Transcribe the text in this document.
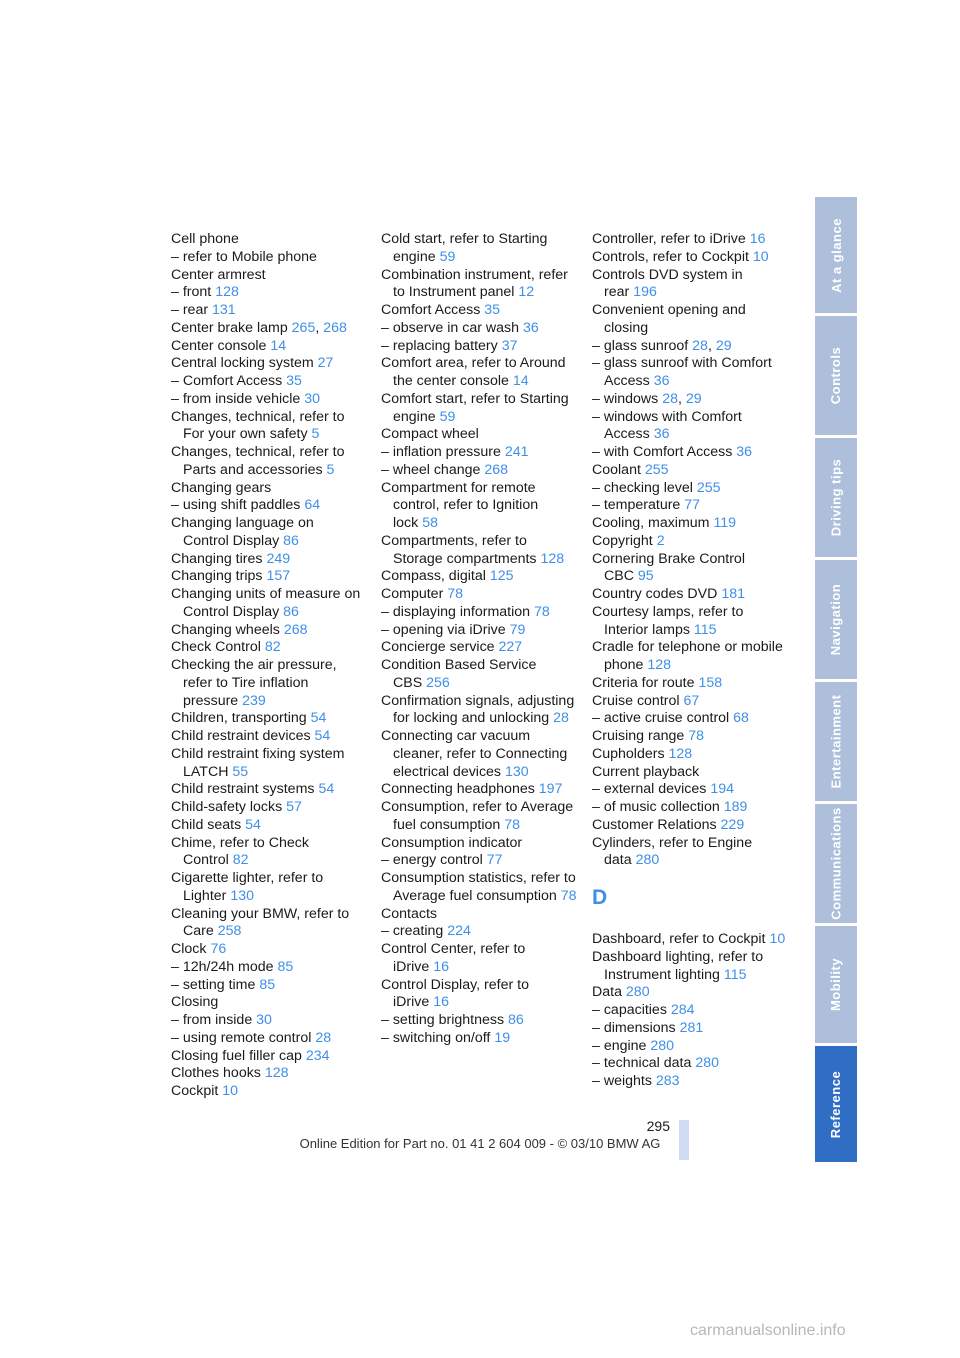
Cell phone
– refer to Mobile phone
Center armrest
– front 128
– rear 131
Center brake lamp 265, 268
Center console 14
Central locking system 27
– Comfort Access 35
– from inside vehicle 30
Changes, technical, refer to For your own safety 5
Changes, technical, refer to Parts and accessories 5
Changing gears
– using shift paddles 64
Changing language on Control Display 86
Changing tires 249
Changing trips 157
Changing units of measure on Control Display 86
Changing wheels 268
Check Control 82
Checking the air pressure, refer to Tire inflation pressure 239
Children, transporting 54
Child restraint devices 54
Child restraint fixing system LATCH 55
Child restraint systems 54
Child-safety locks 57
Child seats 54
Chime, refer to Check Control 82
Cigarette lighter, refer to Lighter 130
Cleaning your BMW, refer to Care 258
Clock 76
– 12h/24h mode 85
– setting time 85
Closing
– from inside 30
– using remote control 28
Closing fuel filler cap 234
Clothes hooks 128
Cockpit 10
Cold start, refer to Starting engine 59
Combination instrument, refer to Instrument panel 12
Comfort Access 35
– observe in car wash 36
– replacing battery 37
Comfort area, refer to Around the center console 14
Comfort start, refer to Starting engine 59
Compact wheel
– inflation pressure 241
– wheel change 268
Compartment for remote control, refer to Ignition lock 58
Compartments, refer to Storage compartments 128
Compass, digital 125
Computer 78
– displaying information 78
– opening via iDrive 79
Concierge service 227
Condition Based Service CBS 256
Confirmation signals, adjusting for locking and unlocking 28
Connecting car vacuum cleaner, refer to Connecting electrical devices 130
Connecting headphones 197
Consumption, refer to Average fuel consumption 78
Consumption indicator
– energy control 77
Consumption statistics, refer to Average fuel consumption 78
Contacts
– creating 224
Control Center, refer to iDrive 16
Control Display, refer to iDrive 16
– setting brightness 86
– switching on/off 19
Controller, refer to iDrive 16
Controls, refer to Cockpit 10
Controls DVD system in rear 196
Convenient opening and closing
– glass sunroof 28, 29
– glass sunroof with Comfort Access 36
– windows 28, 29
– windows with Comfort Access 36
– with Comfort Access 36
Coolant 255
– checking level 255
– temperature 77
Cooling, maximum 119
Copyright 2
Cornering Brake Control CBC 95
Country codes DVD 181
Courtesy lamps, refer to Interior lamps 115
Cradle for telephone or mobile phone 128
Criteria for route 158
Cruise control 67
– active cruise control 68
Cruising range 78
Cupholders 128
Current playback
– external devices 194
– of music collection 189
Customer Relations 229
Cylinders, refer to Engine data 280
D
Dashboard, refer to Cockpit 10
Dashboard lighting, refer to Instrument lighting 115
Data 280
– capacities 284
– dimensions 281
– engine 280
– technical data 280
– weights 283
At a glance
Controls
Driving tips
Navigation
Entertainment
Communications
Mobility
Reference
295
Online Edition for Part no. 01 41 2 604 009 - © 03/10 BMW AG
carmanualsonline.info
